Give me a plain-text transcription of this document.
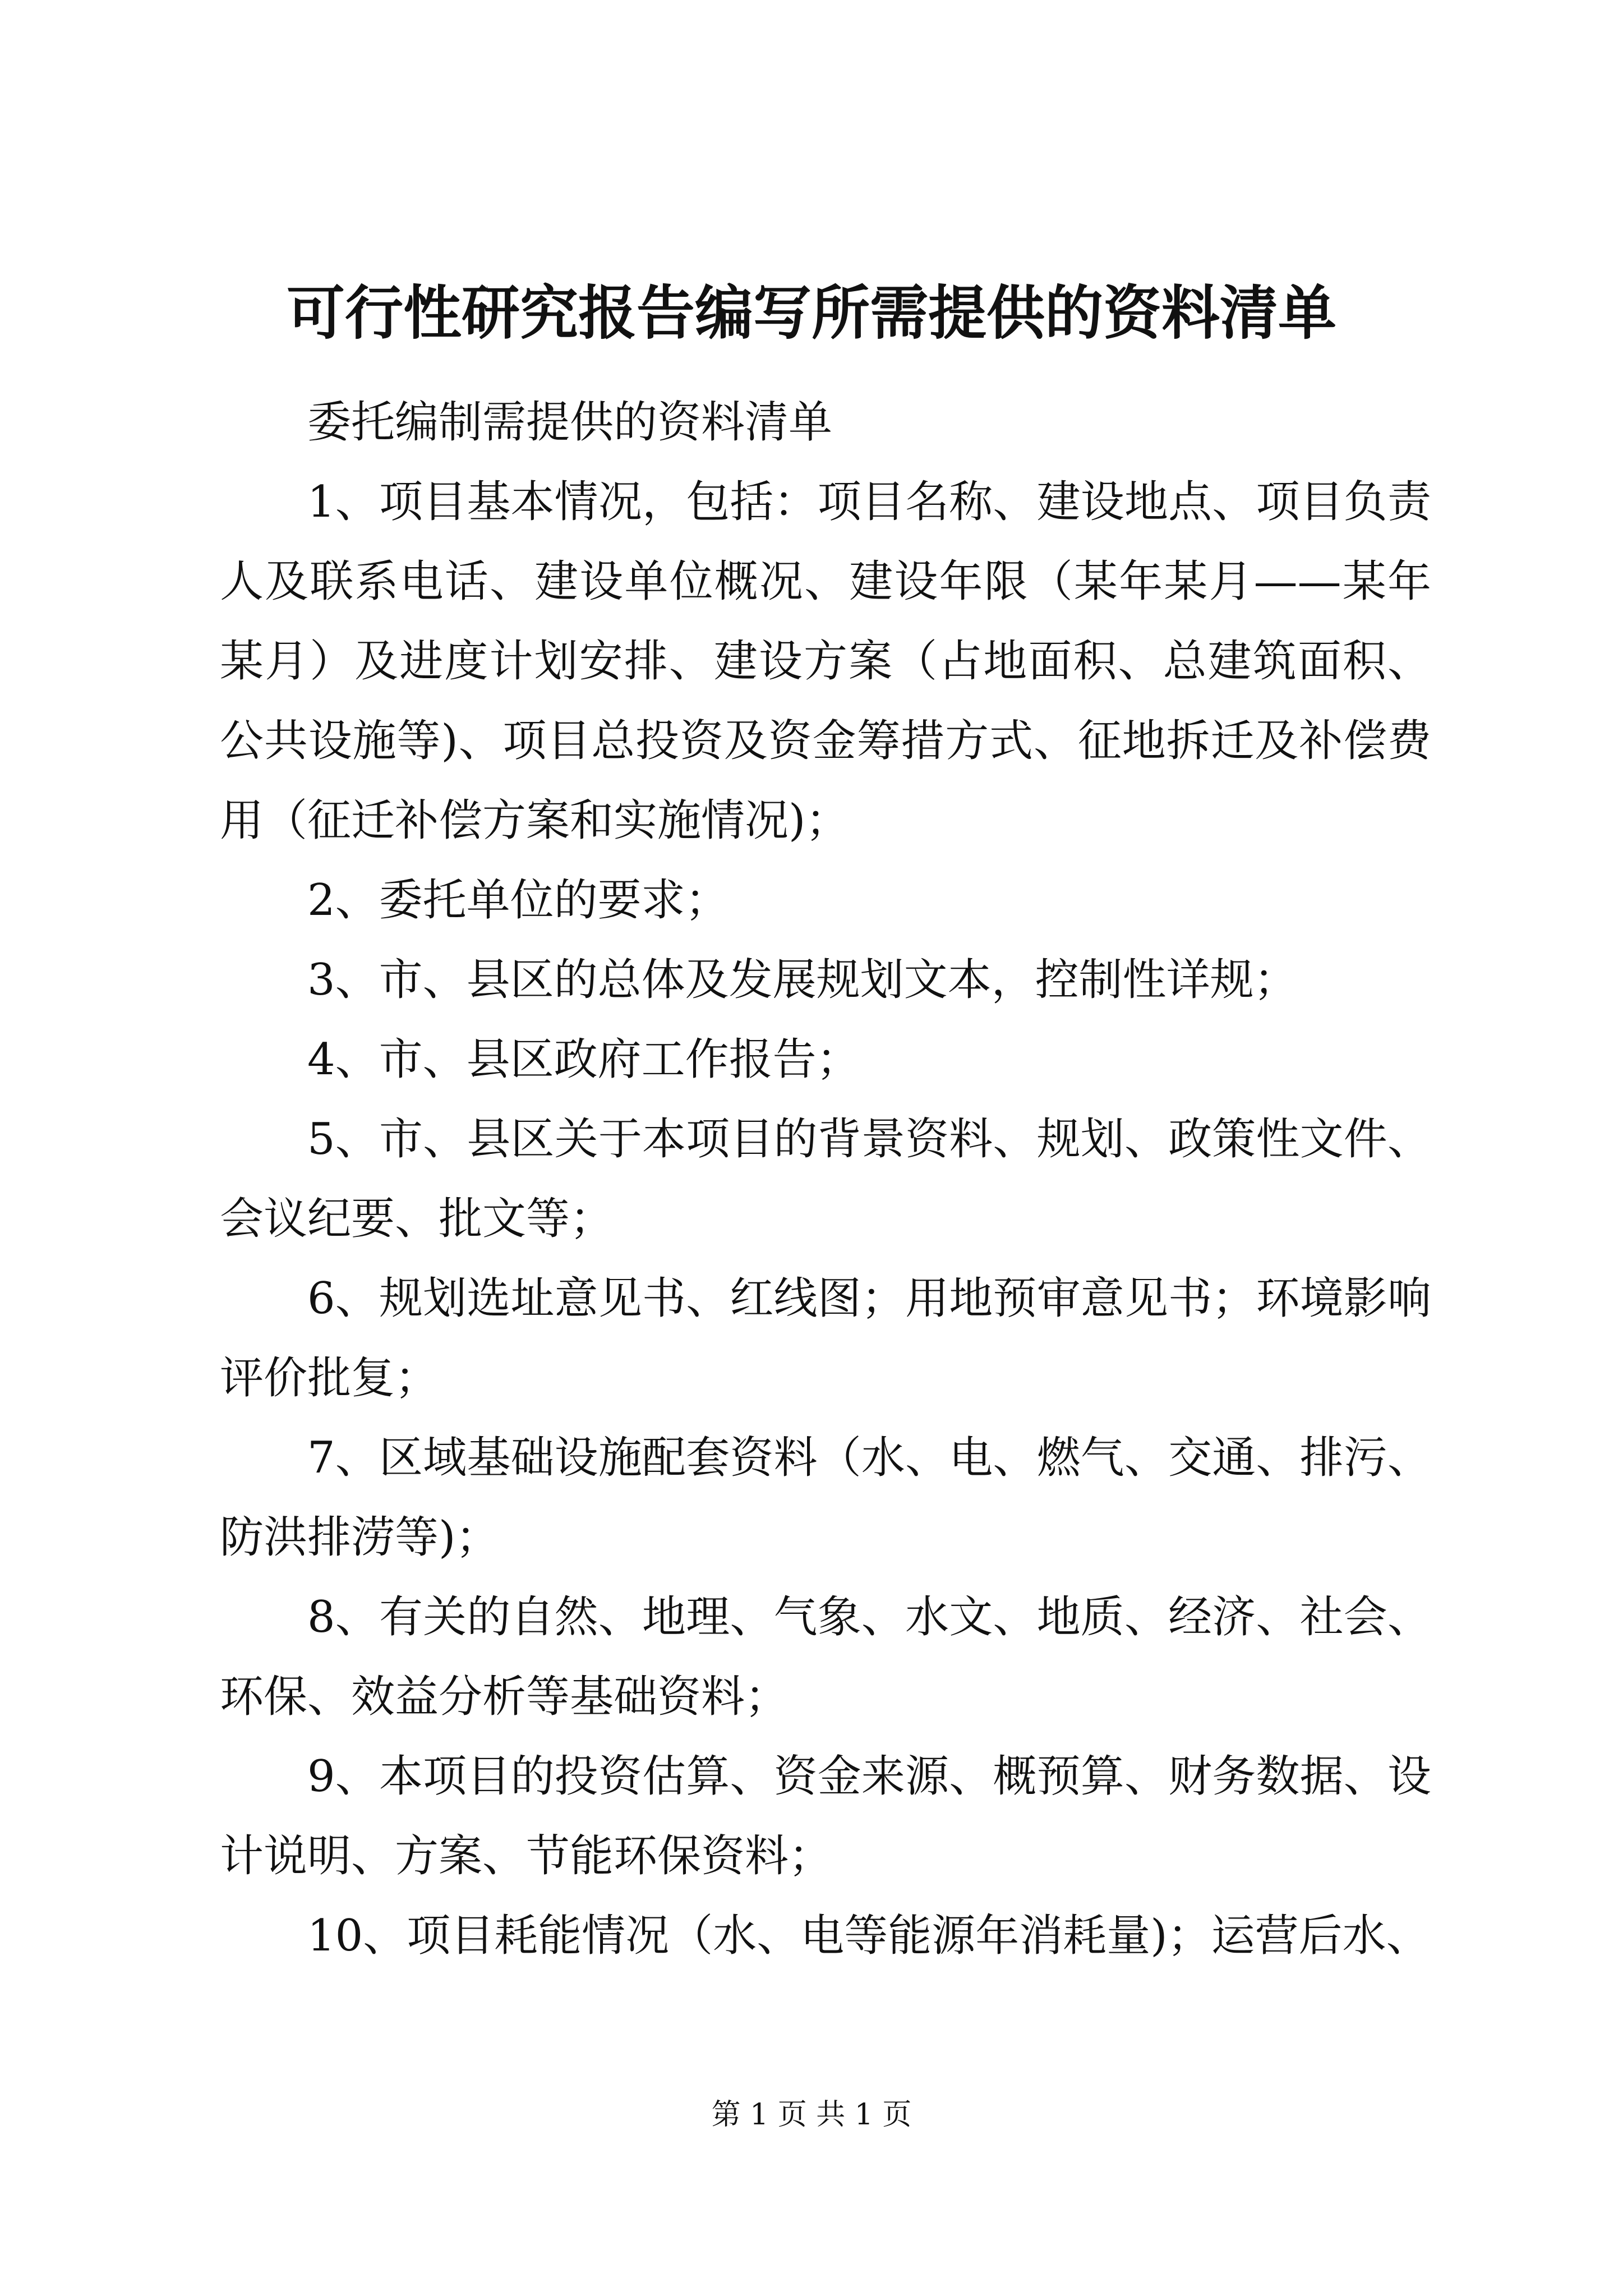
可行性研究报告编写所需提供的资料清单

委托编制需提供的资料清单

1、项目基本情况，包括：项目名称、建设地点、项目负责人及联系电话、建设单位概况、建设年限（某年某月——某年某月）及进度计划安排、建设方案（占地面积、总建筑面积、公共设施等)、项目总投资及资金筹措方式、征地拆迁及补偿费用（征迁补偿方案和实施情况)；

2、委托单位的要求；

3、市、县区的总体及发展规划文本，控制性详规；

4、市、县区政府工作报告；

5、市、县区关于本项目的背景资料、规划、政策性文件、会议纪要、批文等；

6、规划选址意见书、红线图；用地预审意见书；环境影响评价批复；

7、区域基础设施配套资料（水、电、燃气、交通、排污、防洪排涝等)；

8、有关的自然、地理、气象、水文、地质、经济、社会、环保、效益分析等基础资料；

9、本项目的投资估算、资金来源、概预算、财务数据、设计说明、方案、节能环保资料；

10、项目耗能情况（水、电等能源年消耗量)；运营后水、

第 1 页 共 1 页
